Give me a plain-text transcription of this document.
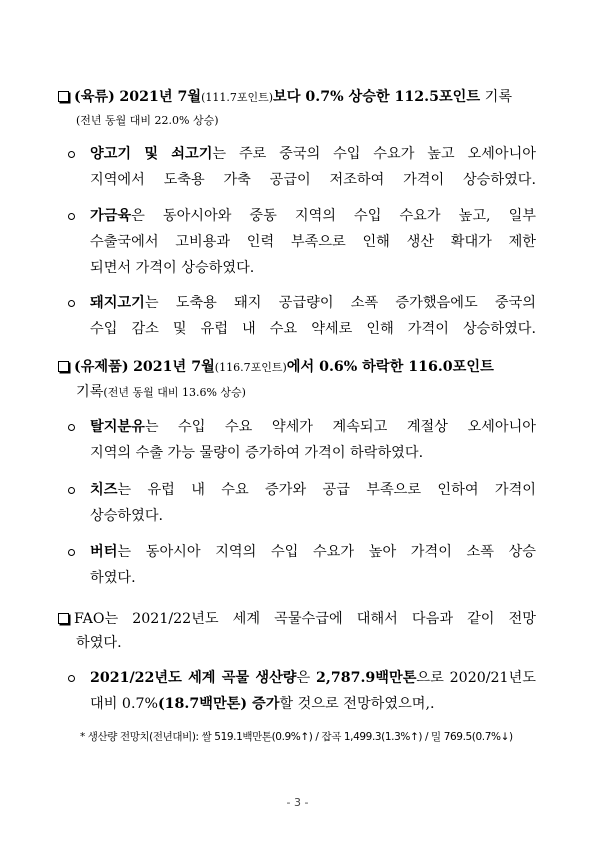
(육류) 2021년 7월(111.7포인트)보다 0.7% 상승한 112.5포인트 기록
(전년 동월 대비 22.0% 상승)
양고기 및 쇠고기는 주로 중국의 수입 수요가 높고 오세아니아
지역에서 도축용 가축 공급이 저조하여 가격이 상승하였다.
가금육은 동아시아와 중동 지역의 수입 수요가 높고, 일부
수출국에서 고비용과 인력 부족으로 인해 생산 확대가 제한
되면서 가격이 상승하였다.
돼지고기는 도축용 돼지 공급량이 소폭 증가했음에도 중국의
수입 감소 및 유럽 내 수요 약세로 인해 가격이 상승하였다.
(유제품) 2021년 7월(116.7포인트)에서 0.6% 하락한 116.0포인트
기록(전년 동월 대비 13.6% 상승)
탈지분유는 수입 수요 약세가 계속되고 계절상 오세아니아
지역의 수출 가능 물량이 증가하여 가격이 하락하였다.
치즈는 유럽 내 수요 증가와 공급 부족으로 인하여 가격이
상승하였다.
버터는 동아시아 지역의 수입 수요가 높아 가격이 소폭 상승
하였다.
FAO는 2021/22년도 세계 곡물수급에 대해서 다음과 같이 전망
하였다.
2021/22년도 세계 곡물 생산량은 2,787.9백만톤으로 2020/21년도
대비 0.7%(18.7백만톤) 증가할 것으로 전망하였으며,.
* 생산량 전망치(전년대비): 쌀 519.1백만톤(0.9%↑) / 잡곡 1,499.3(1.3%↑) / 밀 769.5(0.7%↓)
- 3 -
